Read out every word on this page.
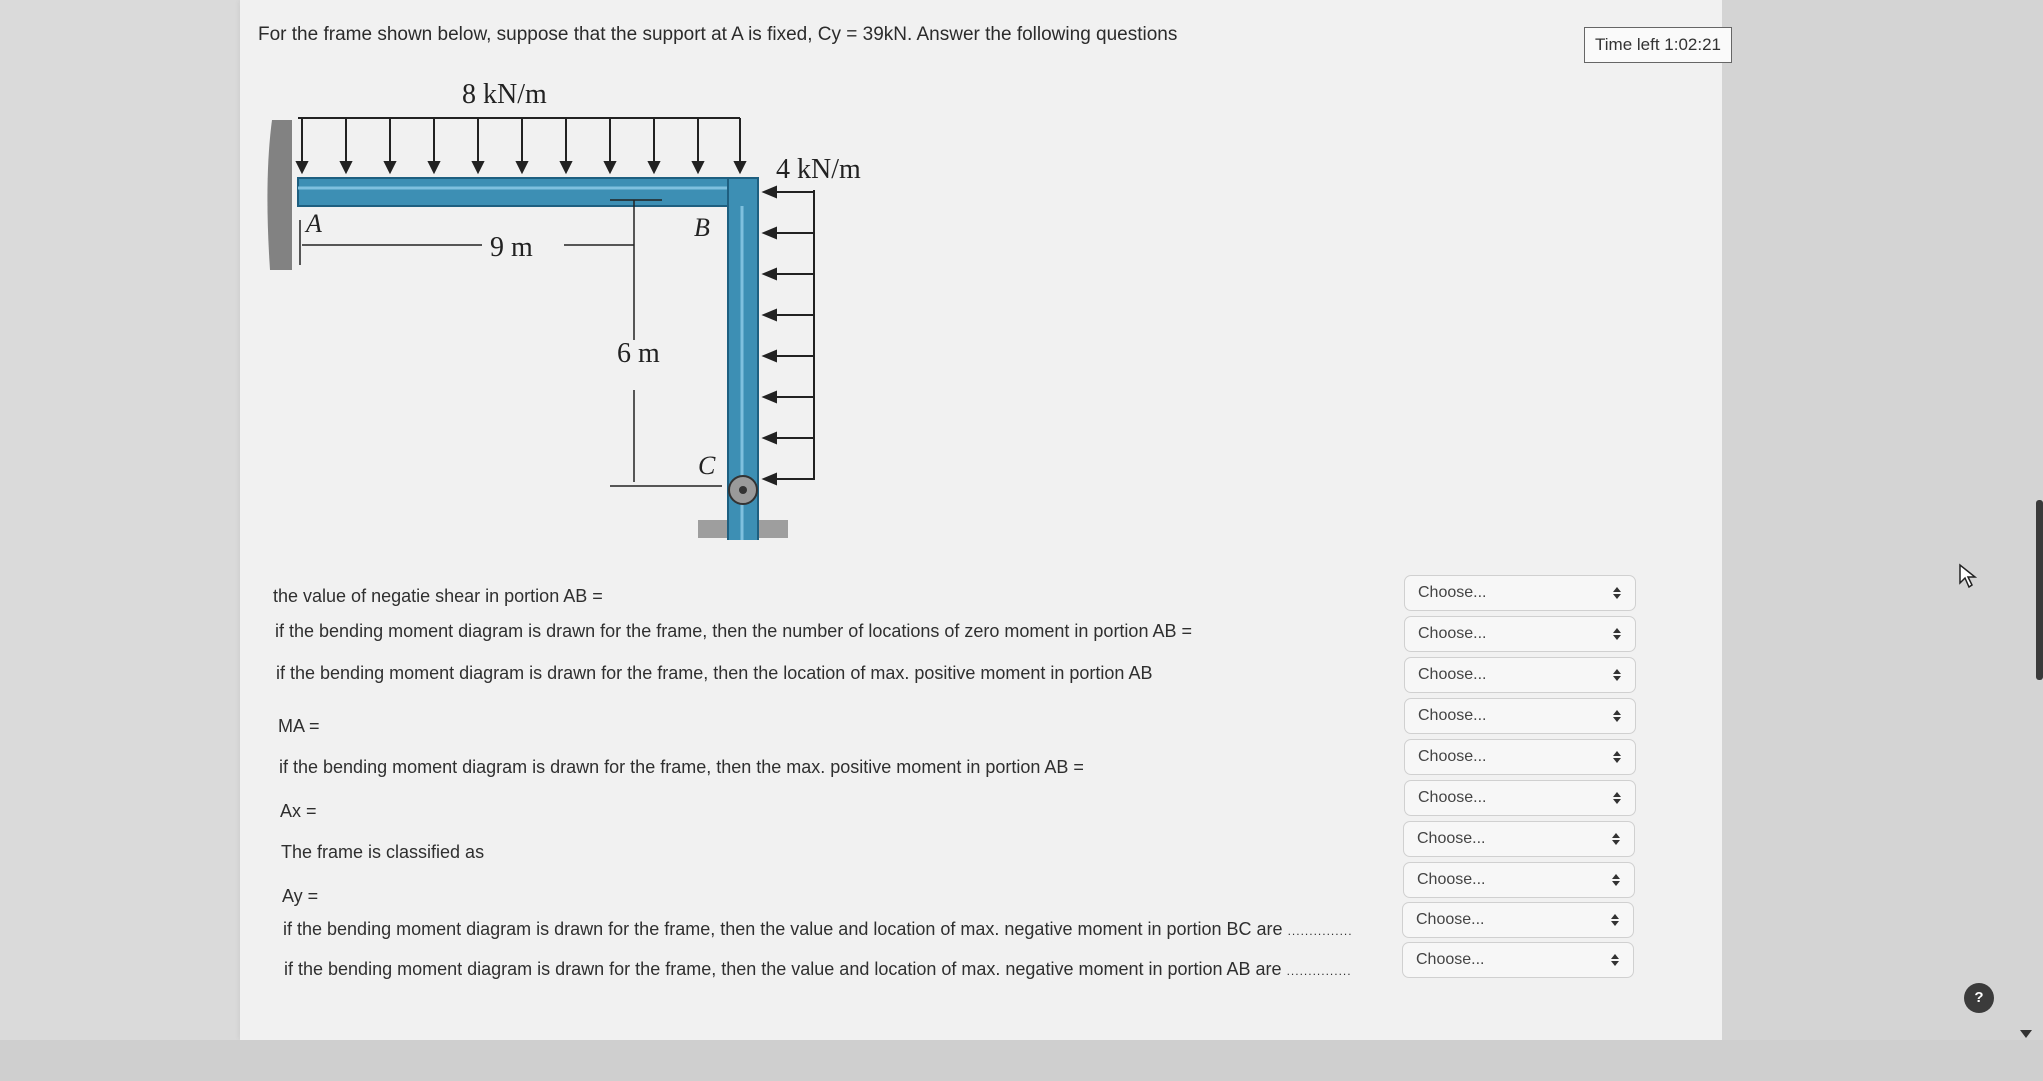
For the frame shown below, suppose that the support at A is fixed, Cy = 39kN. Answer the following questions	Time left 1:02:21
8 kN/m
4 kN/m
9 m
6 m
A	B
C
the value of negatie shear in portion AB =
if the bending moment diagram is drawn for the frame, then the number of locations of zero moment in portion AB =
if the bending moment diagram is drawn for the frame, then the location of max. positive moment in portion AB
MA =
if the bending moment diagram is drawn for the frame, then the max. positive moment in portion AB =
Ax =
The frame is classified as
Ay =
if the bending moment diagram is drawn for the frame, then the value and location of max. negative moment in portion BC are ...............
if the bending moment diagram is drawn for the frame, then the value and location of max. negative moment in portion AB are ...............
Choose...
Choose...
Choose...
Choose...
Choose...
Choose...
Choose...
Choose...
Choose...
Choose...
?
